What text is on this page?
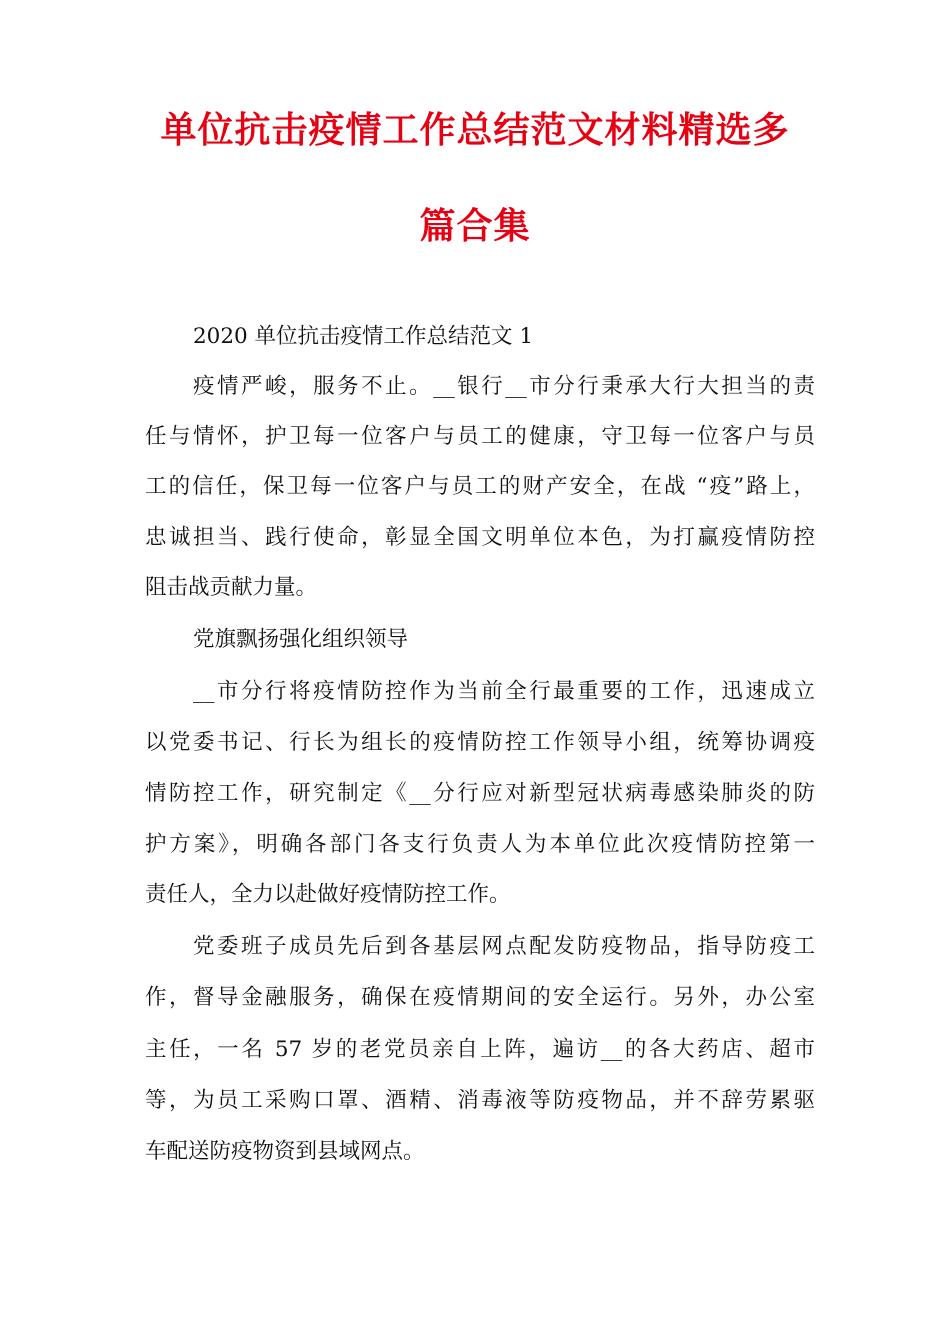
单位抗击疫情工作总结范文材料精选多
篇合集

2020 单位抗击疫情工作总结范文 1

疫情严峻，服务不止。__银行__市分行秉承大行大担当的责

任与情怀，护卫每一位客户与员工的健康，守卫每一位客户与员

工的信任，保卫每一位客户与员工的财产安全，在战 “疫”路上，

忠诚担当、践行使命，彰显全国文明单位本色，为打赢疫情防控

阻击战贡献力量。

党旗飘扬强化组织领导

__市分行将疫情防控作为当前全行最重要的工作，迅速成立

以党委书记、行长为组长的疫情防控工作领导小组，统筹协调疫

情防控工作，研究制定《__分行应对新型冠状病毒感染肺炎的防

护方案》，明确各部门各支行负责人为本单位此次疫情防控第一

责任人，全力以赴做好疫情防控工作。

党委班子成员先后到各基层网点配发防疫物品，指导防疫工

作，督导金融服务，确保在疫情期间的安全运行。另外，办公室

主任，一名 57 岁的老党员亲自上阵，遍访__的各大药店、超市

等，为员工采购口罩、酒精、消毒液等防疫物品，并不辞劳累驱

车配送防疫物资到县域网点。
